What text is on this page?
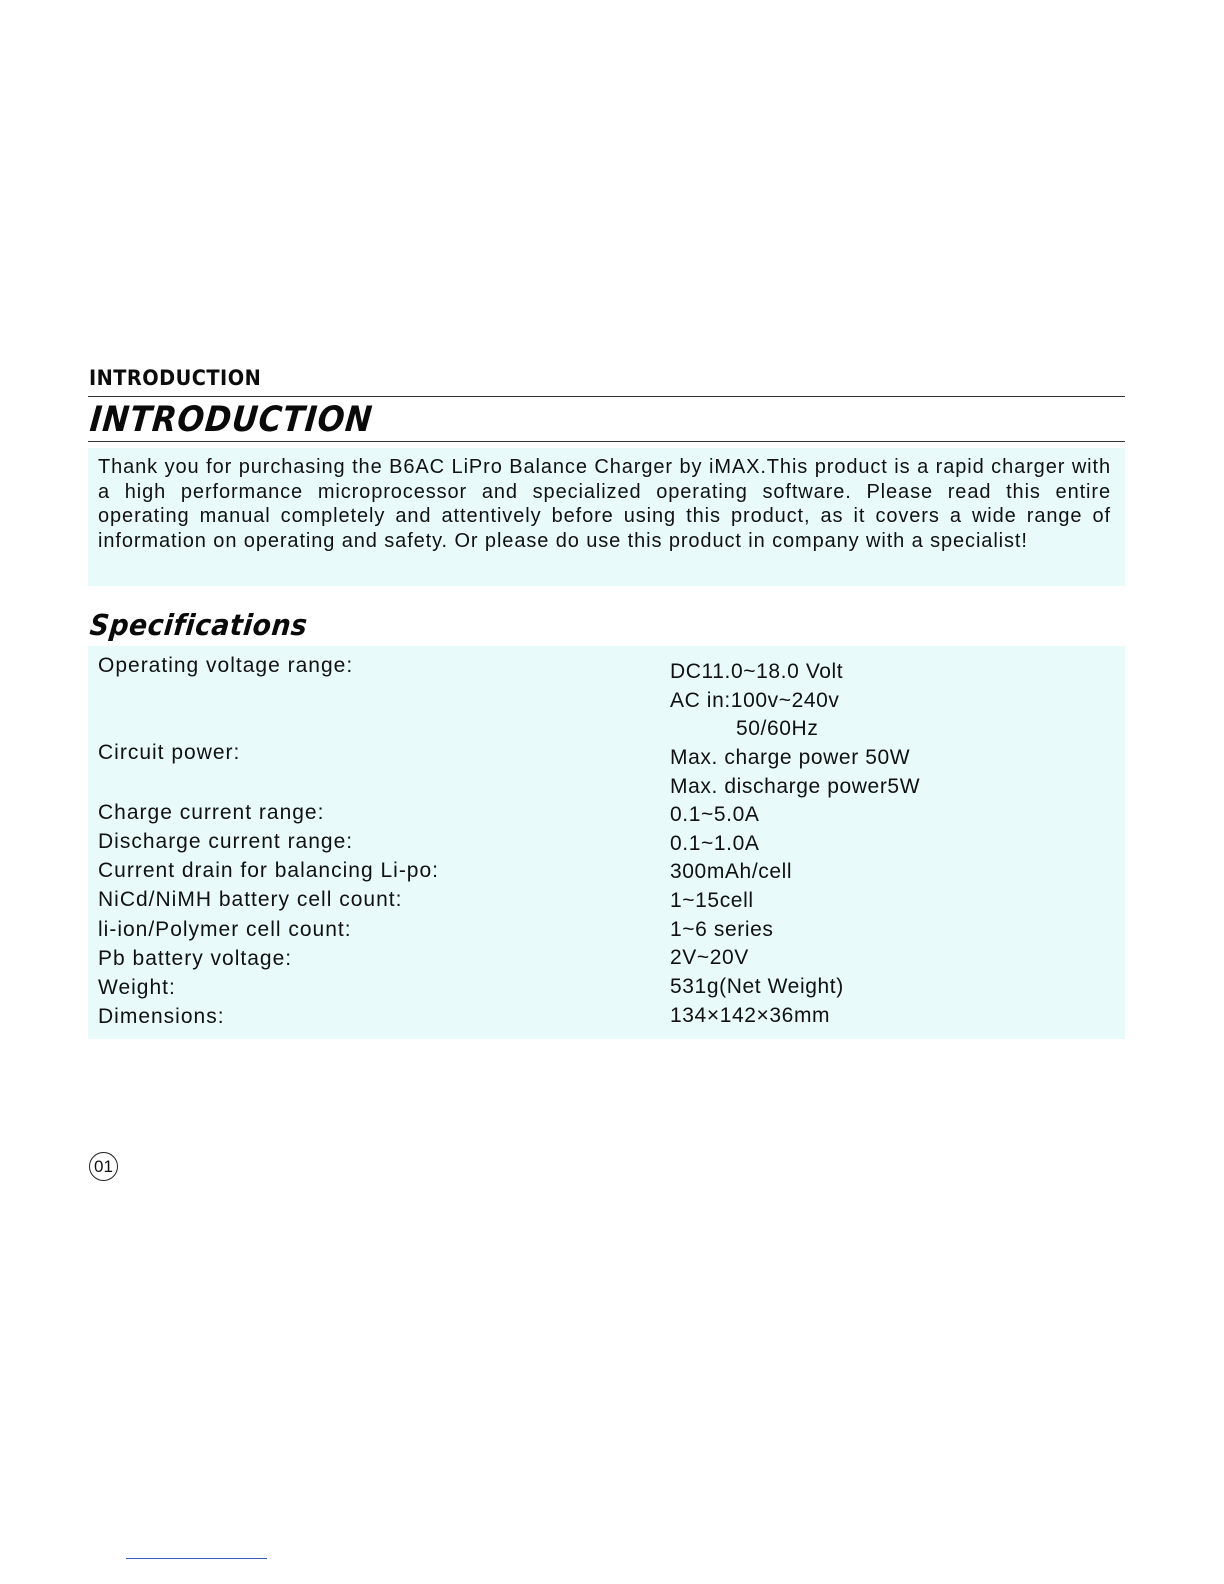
INTRODUCTION
INTRODUCTION

Thank you for purchasing the B6AC LiPro Balance Charger by iMAX.This product is a rapid charger with a high performance microprocessor and specialized operating software. Please read this entire operating manual completely and attentively before using this product, as it covers a wide range of information on operating and safety. Or please do use this product in company with a specialist!

Specifications
Operating voltage range:
Circuit power:
Charge current range:
Discharge current range:
Current drain for balancing Li-po:
NiCd/NiMH battery cell count:
li-ion/Polymer cell count:
Pb battery voltage:
Weight:
Dimensions:
DC11.0~18.0 Volt
AC in:100v~240v
50/60Hz
Max. charge power 50W
Max. discharge power5W
0.1~5.0A
0.1~1.0A
300mAh/cell
1~15cell
1~6 series
2V~20V
531g(Net Weight)
134×142×36mm
01
